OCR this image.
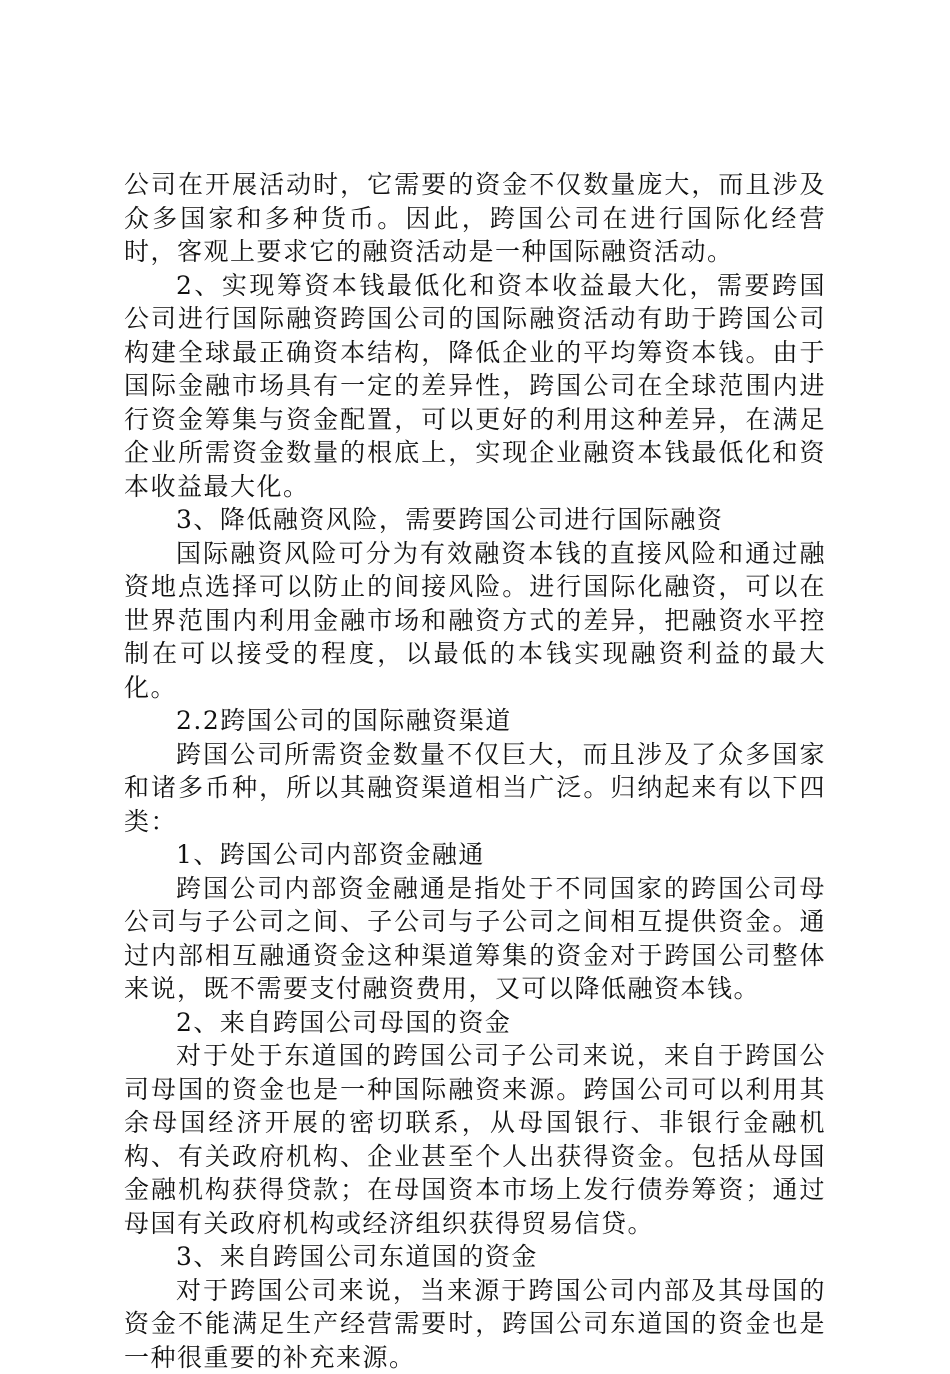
公司在开展活动时，它需要的资金不仅数量庞大，而且涉及众多国家和多种货币。因此，跨国公司在进行国际化经营时，客观上要求它的融资活动是一种国际融资活动。

2、实现筹资本钱最低化和资本收益最大化，需要跨国公司进行国际融资跨国公司的国际融资活动有助于跨国公司构建全球最正确资本结构，降低企业的平均筹资本钱。由于国际金融市场具有一定的差异性，跨国公司在全球范围内进行资金筹集与资金配置，可以更好的利用这种差异，在满足企业所需资金数量的根底上，实现企业融资本钱最低化和资本收益最大化。

3、降低融资风险，需要跨国公司进行国际融资

国际融资风险可分为有效融资本钱的直接风险和通过融资地点选择可以防止的间接风险。进行国际化融资，可以在世界范围内利用金融市场和融资方式的差异，把融资水平控制在可以接受的程度，以最低的本钱实现融资利益的最大化。

2.2跨国公司的国际融资渠道

跨国公司所需资金数量不仅巨大，而且涉及了众多国家和诸多币种，所以其融资渠道相当广泛。归纳起来有以下四类：

1、跨国公司内部资金融通

跨国公司内部资金融通是指处于不同国家的跨国公司母公司与子公司之间、子公司与子公司之间相互提供资金。通过内部相互融通资金这种渠道筹集的资金对于跨国公司整体来说，既不需要支付融资费用，又可以降低融资本钱。

2、来自跨国公司母国的资金

对于处于东道国的跨国公司子公司来说，来自于跨国公司母国的资金也是一种国际融资来源。跨国公司可以利用其余母国经济开展的密切联系，从母国银行、非银行金融机构、有关政府机构、企业甚至个人出获得资金。包括从母国金融机构获得贷款；在母国资本市场上发行债券筹资；通过母国有关政府机构或经济组织获得贸易信贷。

3、来自跨国公司东道国的资金

对于跨国公司来说，当来源于跨国公司内部及其母国的资金不能满足生产经营需要时，跨国公司东道国的资金也是一种很重要的补充来源。
